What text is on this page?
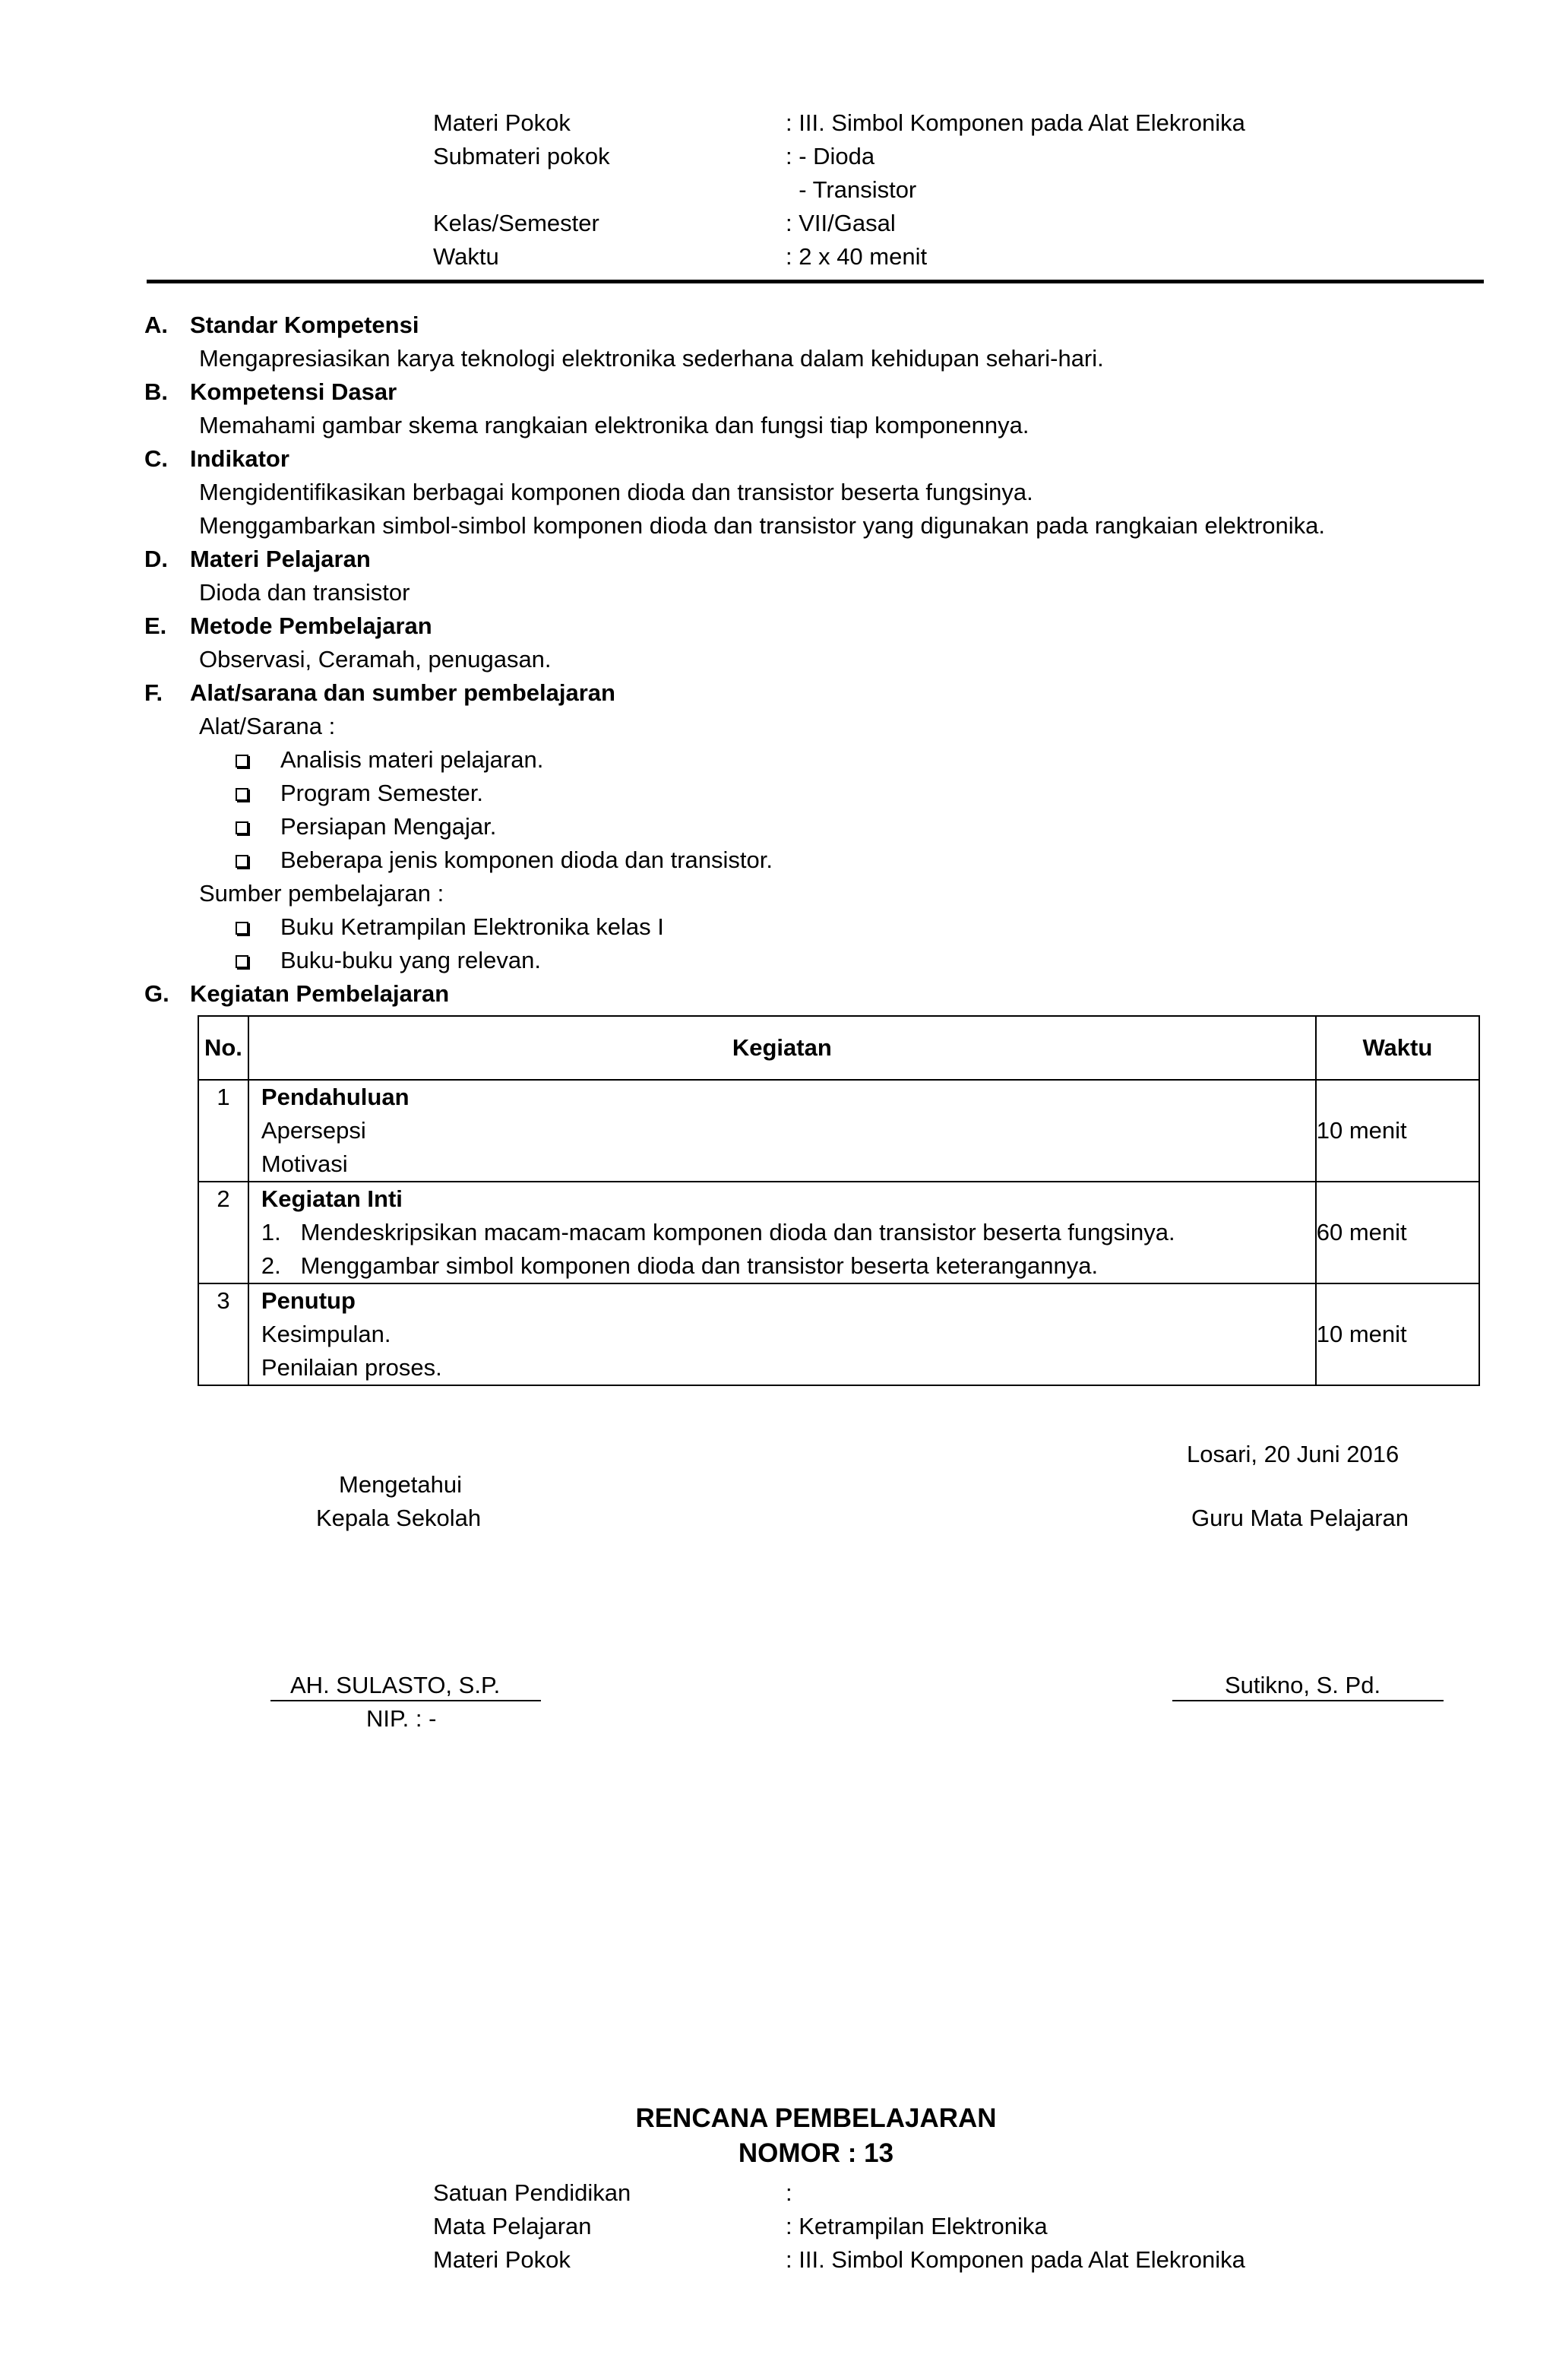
Materi Pokok	: III. Simbol Komponen pada Alat Elekronika
Submateri pokok	: - Dioda
- Transistor
Kelas/Semester	: VII/Gasal
Waktu	: 2 x 40 menit
A. Standar Kompetensi
Mengapresiasikan karya teknologi elektronika sederhana dalam kehidupan sehari-hari.
B. Kompetensi Dasar
Memahami gambar skema rangkaian elektronika dan fungsi tiap komponennya.
C. Indikator
Mengidentifikasikan berbagai komponen dioda dan transistor beserta fungsinya.
Menggambarkan simbol-simbol komponen dioda dan transistor yang digunakan pada rangkaian elektronika.
D. Materi Pelajaran
Dioda dan transistor
E. Metode Pembelajaran
Observasi, Ceramah, penugasan.
F. Alat/sarana dan sumber pembelajaran
Alat/Sarana :
Analisis materi pelajaran.
Program Semester.
Persiapan Mengajar.
Beberapa jenis komponen dioda dan transistor.
Sumber pembelajaran :
Buku Ketrampilan Elektronika kelas I
Buku-buku yang relevan.
G. Kegiatan Pembelajaran
No.	Kegiatan	Waktu
1	Pendahuluan
Apersepsi
Motivasi	10 menit
2	Kegiatan Inti
1.   Mendeskripsikan macam-macam komponen dioda dan transistor beserta fungsinya.
2.   Menggambar simbol komponen dioda dan transistor beserta keterangannya.	60 menit
3	Penutup
Kesimpulan.
Penilaian proses.	10 menit
Losari, 20 Juni 2016
Mengetahui
Kepala Sekolah	Guru Mata Pelajaran
AH. SULASTO, S.P.
NIP. : -
Sutikno, S. Pd.
RENCANA PEMBELAJARAN
NOMOR : 13
Satuan Pendidikan	:
Mata Pelajaran	: Ketrampilan Elektronika
Materi Pokok	: III. Simbol Komponen pada Alat Elekronika
